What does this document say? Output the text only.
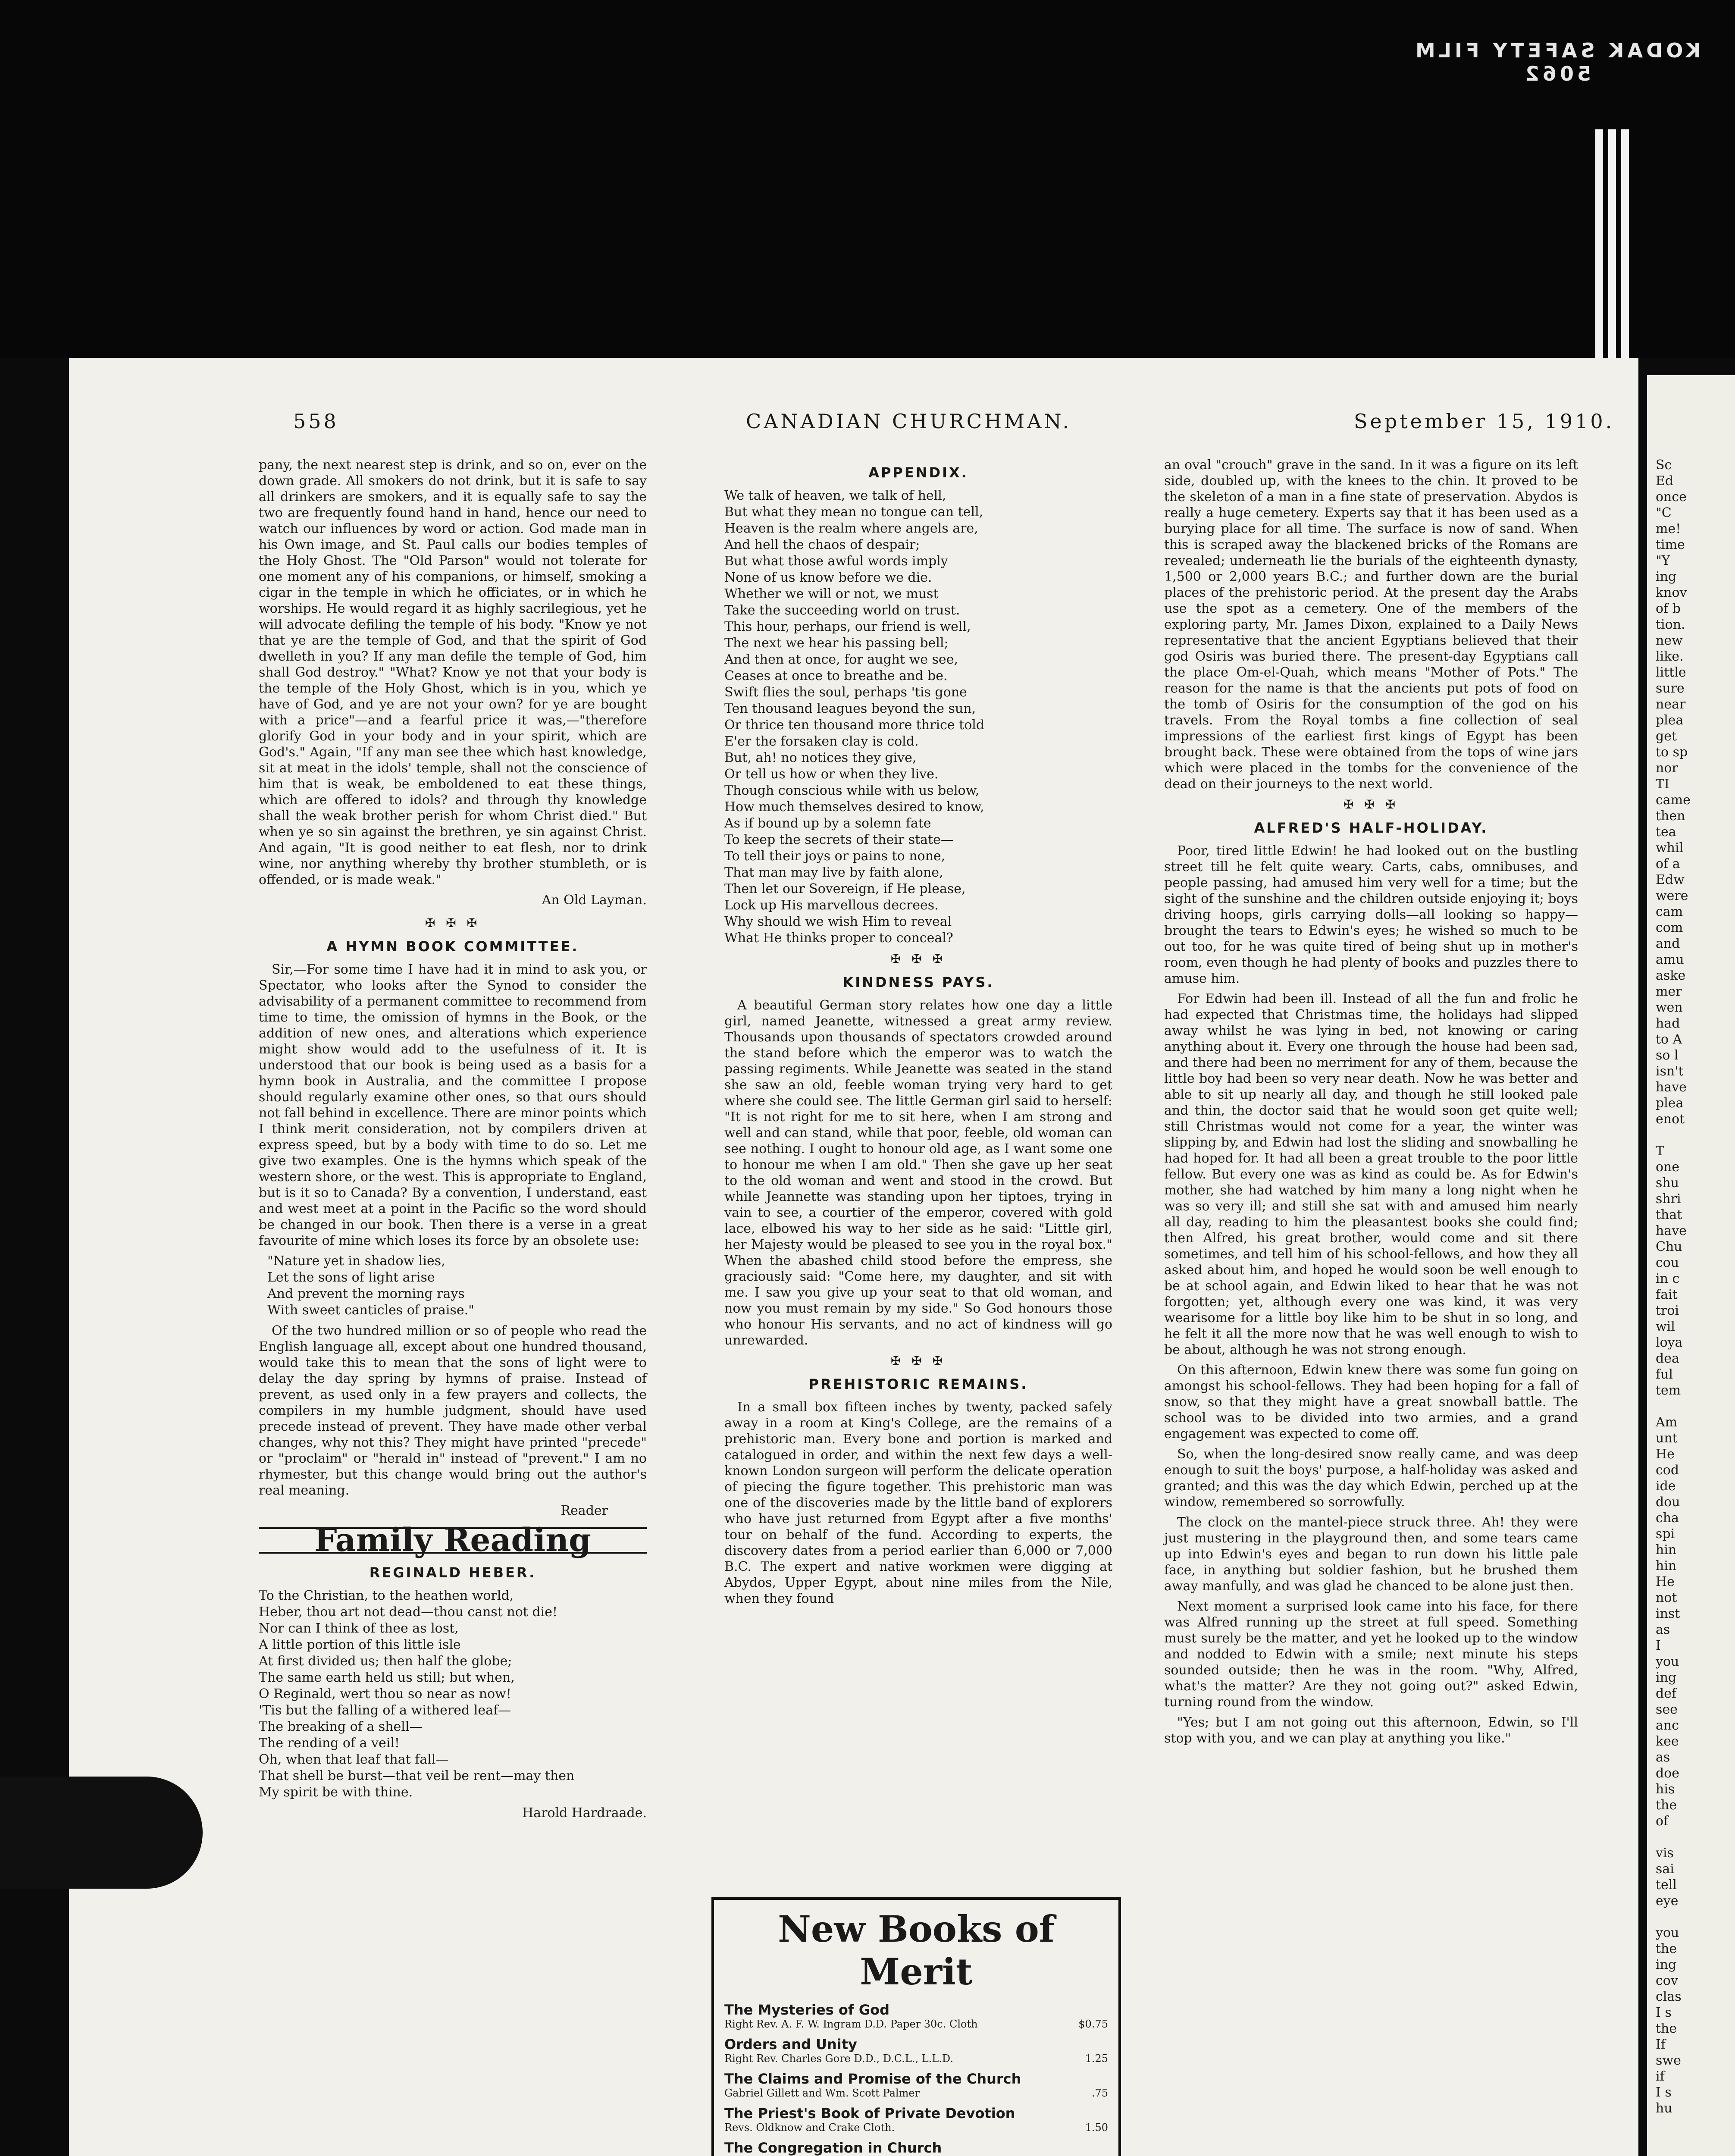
KODAK SAFETY FILM 5062
558	CANADIAN CHURCHMAN.	September 15, 1910.

pany, the next nearest step is drink, and so on, ever on the down grade. All smokers do not drink, but it is safe to say all drinkers are smokers, and it is equally safe to say the two are frequently found hand in hand, hence our need to watch our influences by word or action. God made man in his Own image, and St. Paul calls our bodies temples of the Holy Ghost. The "Old Parson" would not tolerate for one moment any of his companions, or himself, smoking a cigar in the temple in which he officiates, or in which he worships. He would regard it as highly sacrilegious, yet he will advocate defiling the temple of his body. "Know ye not that ye are the temple of God, and that the spirit of God dwelleth in you? If any man defile the temple of God, him shall God destroy." "What? Know ye not that your body is the temple of the Holy Ghost, which is in you, which ye have of God, and ye are not your own? for ye are bought with a price"—and a fearful price it was,—"therefore glorify God in your body and in your spirit, which are God's." Again, "If any man see thee which hast knowledge, sit at meat in the idols' temple, shall not the conscience of him that is weak, be emboldened to eat these things, which are offered to idols? and through thy knowledge shall the weak brother perish for whom Christ died." But when ye so sin against the brethren, ye sin against Christ. And again, "It is good neither to eat flesh, nor to drink wine, nor anything whereby thy brother stumbleth, or is offended, or is made weak."

An Old Layman.

✠ ✠ ✠
A HYMN BOOK COMMITTEE.

Sir,—For some time I have had it in mind to ask you, or Spectator, who looks after the Synod to consider the advisability of a permanent committee to recommend from time to time, the omission of hymns in the Book, or the addition of new ones, and alterations which experience might show would add to the usefulness of it. It is understood that our book is being used as a basis for a hymn book in Australia, and the committee I propose should regularly examine other ones, so that ours should not fall behind in excellence. There are minor points which I think merit consideration, not by compilers driven at express speed, but by a body with time to do so. Let me give two examples. One is the hymns which speak of the western shore, or the west. This is appropriate to England, but is it so to Canada? By a convention, I understand, east and west meet at a point in the Pacific so the word should be changed in our book. Then there is a verse in a great favourite of mine which loses its force by an obsolete use:

"Nature yet in shadow lies,
Let the sons of light arise
And prevent the morning rays
With sweet canticles of praise."

Of the two hundred million or so of people who read the English language all, except about one hundred thousand, would take this to mean that the sons of light were to delay the day spring by hymns of praise. Instead of prevent, as used only in a few prayers and collects, the compilers in my humble judgment, should have used precede instead of prevent. They have made other verbal changes, why not this? They might have printed "precede" or "proclaim" or "herald in" instead of "prevent." I am no rhymester, but this change would bring out the author's real meaning.

Reader

Family Reading
REGINALD HEBER.
To the Christian, to the heathen world,
Heber, thou art not dead—thou canst not die!
Nor can I think of thee as lost,
A little portion of this little isle
At first divided us; then half the globe;
The same earth held us still; but when,
O Reginald, wert thou so near as now!
'Tis but the falling of a withered leaf—
The breaking of a shell—
The rending of a veil!
Oh, when that leaf that fall—
That shell be burst—that veil be rent—may then
My spirit be with thine.

Harold Hardraade.

APPENDIX.
We talk of heaven, we talk of hell,
But what they mean no tongue can tell,
Heaven is the realm where angels are,
And hell the chaos of despair;
But what those awful words imply
None of us know before we die.
Whether we will or not, we must
Take the succeeding world on trust.
This hour, perhaps, our friend is well,
The next we hear his passing bell;
And then at once, for aught we see,
Ceases at once to breathe and be.
Swift flies the soul, perhaps 'tis gone
Ten thousand leagues beyond the sun,
Or thrice ten thousand more thrice told
E'er the forsaken clay is cold.
But, ah! no notices they give,
Or tell us how or when they live.
Though conscious while with us below,
How much themselves desired to know,
As if bound up by a solemn fate
To keep the secrets of their state—
To tell their joys or pains to none,
That man may live by faith alone,
Then let our Sovereign, if He please,
Lock up His marvellous decrees.
Why should we wish Him to reveal
What He thinks proper to conceal?
✠ ✠ ✠
KINDNESS PAYS.

A beautiful German story relates how one day a little girl, named Jeanette, witnessed a great army review. Thousands upon thousands of spectators crowded around the stand before which the emperor was to watch the passing regiments. While Jeanette was seated in the stand she saw an old, feeble woman trying very hard to get where she could see. The little German girl said to herself: "It is not right for me to sit here, when I am strong and well and can stand, while that poor, feeble, old woman can see nothing. I ought to honour old age, as I want some one to honour me when I am old." Then she gave up her seat to the old woman and went and stood in the crowd. But while Jeannette was standing upon her tiptoes, trying in vain to see, a courtier of the emperor, covered with gold lace, elbowed his way to her side as he said: "Little girl, her Majesty would be pleased to see you in the royal box." When the abashed child stood before the empress, she graciously said: "Come here, my daughter, and sit with me. I saw you give up your seat to that old woman, and now you must remain by my side." So God honours those who honour His servants, and no act of kindness will go unrewarded.

✠ ✠ ✠
PREHISTORIC REMAINS.

In a small box fifteen inches by twenty, packed safely away in a room at King's College, are the remains of a prehistoric man. Every bone and portion is marked and catalogued in order, and within the next few days a well-known London surgeon will perform the delicate operation of piecing the figure together. This prehistoric man was one of the discoveries made by the little band of explorers who have just returned from Egypt after a five months' tour on behalf of the fund. According to experts, the discovery dates from a period earlier than 6,000 or 7,000 B.C. The expert and native workmen were digging at Abydos, Upper Egypt, about nine miles from the Nile, when they found

New Books of Merit
The Mysteries of God
Right Rev. A. F. W. Ingram D.D. Paper 30c. Cloth	$0.75
Orders and Unity
Right Rev. Charles Gore D.D., D.C.L., L.L.D.	1.25
The Claims and Promise of the Church
Gabriel Gillett and Wm. Scott Palmer	.75
The Priest's Book of Private Devotion
Revs. Oldknow and Crake Cloth.	1.50
The Congregation in Church

an oval "crouch" grave in the sand. In it was a figure on its left side, doubled up, with the knees to the chin. It proved to be the skeleton of a man in a fine state of preservation. Abydos is really a huge cemetery. Experts say that it has been used as a burying place for all time. The surface is now of sand. When this is scraped away the blackened bricks of the Romans are revealed; underneath lie the burials of the eighteenth dynasty, 1,500 or 2,000 years B.C.; and further down are the burial places of the prehistoric period. At the present day the Arabs use the spot as a cemetery. One of the members of the exploring party, Mr. James Dixon, explained to a Daily News representative that the ancient Egyptians believed that their god Osiris was buried there. The present-day Egyptians call the place Om-el-Quah, which means "Mother of Pots." The reason for the name is that the ancients put pots of food on the tomb of Osiris for the consumption of the god on his travels. From the Royal tombs a fine collection of seal impressions of the earliest first kings of Egypt has been brought back. These were obtained from the tops of wine jars which were placed in the tombs for the convenience of the dead on their journeys to the next world.

✠ ✠ ✠
ALFRED'S HALF-HOLIDAY.

Poor, tired little Edwin! he had looked out on the bustling street till he felt quite weary. Carts, cabs, omnibuses, and people passing, had amused him very well for a time; but the sight of the sunshine and the children outside enjoying it; boys driving hoops, girls carrying dolls—all looking so happy—brought the tears to Edwin's eyes; he wished so much to be out too, for he was quite tired of being shut up in mother's room, even though he had plenty of books and puzzles there to amuse him.

For Edwin had been ill. Instead of all the fun and frolic he had expected that Christmas time, the holidays had slipped away whilst he was lying in bed, not knowing or caring anything about it. Every one through the house had been sad, and there had been no merriment for any of them, because the little boy had been so very near death. Now he was better and able to sit up nearly all day, and though he still looked pale and thin, the doctor said that he would soon get quite well; still Christmas would not come for a year, the winter was slipping by, and Edwin had lost the sliding and snowballing he had hoped for. It had all been a great trouble to the poor little fellow. But every one was as kind as could be. As for Edwin's mother, she had watched by him many a long night when he was so very ill; and still she sat with and amused him nearly all day, reading to him the pleasantest books she could find; then Alfred, his great brother, would come and sit there sometimes, and tell him of his school-fellows, and how they all asked about him, and hoped he would soon be well enough to be at school again, and Edwin liked to hear that he was not forgotten; yet, although every one was kind, it was very wearisome for a little boy like him to be shut in so long, and he felt it all the more now that he was well enough to wish to be about, although he was not strong enough.

On this afternoon, Edwin knew there was some fun going on amongst his school-fellows. They had been hoping for a fall of snow, so that they might have a great snowball battle. The school was to be divided into two armies, and a grand engagement was expected to come off.

So, when the long-desired snow really came, and was deep enough to suit the boys' purpose, a half-holiday was asked and granted; and this was the day which Edwin, perched up at the window, remembered so sorrowfully.

The clock on the mantel-piece struck three. Ah! they were just mustering in the playground then, and some tears came up into Edwin's eyes and began to run down his little pale face, in anything but soldier fashion, but he brushed them away manfully, and was glad he chanced to be alone just then.

Next moment a surprised look came into his face, for there was Alfred running up the street at full speed. Something must surely be the matter, and yet he looked up to the window and nodded to Edwin with a smile; next minute his steps sounded outside; then he was in the room. "Why, Alfred, what's the matter? Are they not going out?" asked Edwin, turning round from the window.

"Yes; but I am not going out this afternoon, Edwin, so I'll stop with you, and we can play at anything you like."

Sc
Ed
once
"C
me!
time
"Y
ing
knov
of b
tion.
new
like.
little
sure
near
plea
get
to sp
nor
TI
came
then
tea
whil
of a
Edw
were
cam
com
and
amu
aske
mer
wen
had
to A
so l
isn't
have
plea
enot

T
one
shu
shri
that
have
Chu
cou
in c
fait
troi
wil
loya
dea
ful
tem

Am
unt
He
cod
ide
dou
cha
spi
hin
hin
He
not
inst
as
I
you
ing
def
see
anc
kee
as
doe
his
the
of

vis
sai
tell
eye

you
the
ing
cov
clas
I s
the
If
swe
if
I s
hu
